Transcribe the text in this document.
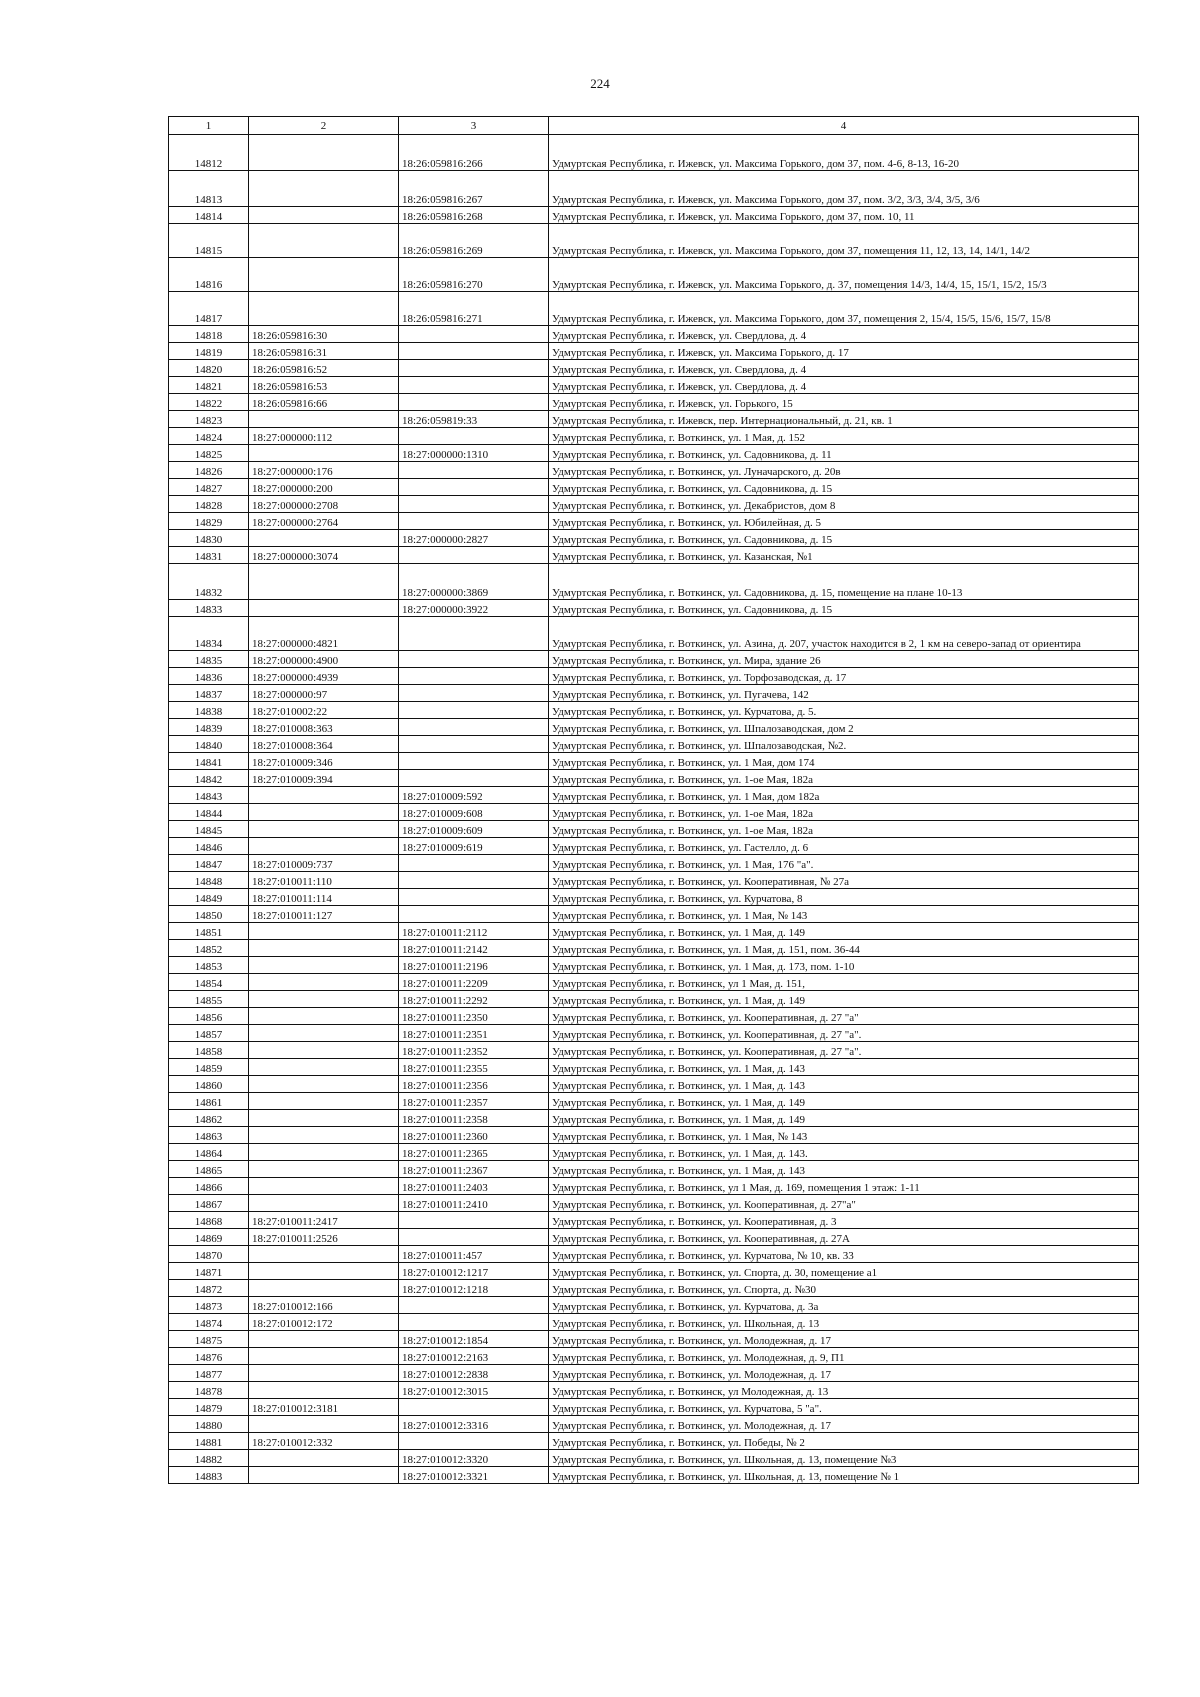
224
1	2	3	4
14812		18:26:059816:266	Удмуртская Республика, г. Ижевск, ул. Максима Горького, дом 37, пом. 4-6, 8-13, 16-20
14813		18:26:059816:267	Удмуртская Республика, г. Ижевск, ул. Максима Горького, дом 37, пом. 3/2, 3/3, 3/4, 3/5, 3/6
14814		18:26:059816:268	Удмуртская Республика, г. Ижевск, ул. Максима Горького, дом 37, пом. 10, 11
14815		18:26:059816:269	Удмуртская Республика, г. Ижевск, ул. Максима Горького, дом 37, помещения 11, 12, 13, 14, 14/1, 14/2
14816		18:26:059816:270	Удмуртская Республика, г. Ижевск, ул. Максима Горького, д. 37, помещения 14/3, 14/4, 15, 15/1, 15/2, 15/3
14817		18:26:059816:271	Удмуртская Республика, г. Ижевск, ул. Максима Горького, дом 37, помещения 2, 15/4, 15/5, 15/6, 15/7, 15/8
14818	18:26:059816:30		Удмуртская Республика, г. Ижевск, ул. Свердлова, д. 4
14819	18:26:059816:31		Удмуртская Республика, г. Ижевск, ул. Максима Горького, д. 17
14820	18:26:059816:52		Удмуртская Республика, г. Ижевск, ул. Свердлова, д. 4
14821	18:26:059816:53		Удмуртская Республика, г. Ижевск, ул. Свердлова, д. 4
14822	18:26:059816:66		Удмуртская Республика, г. Ижевск, ул. Горького, 15
14823		18:26:059819:33	Удмуртская Республика, г. Ижевск, пер. Интернациональный, д. 21, кв. 1
14824	18:27:000000:112		Удмуртская Республика, г. Воткинск, ул. 1 Мая, д. 152
14825		18:27:000000:1310	Удмуртская Республика, г. Воткинск, ул. Садовникова, д. 11
14826	18:27:000000:176		Удмуртская Республика, г. Воткинск, ул. Луначарского, д. 20в
14827	18:27:000000:200		Удмуртская Республика, г. Воткинск, ул. Садовникова, д. 15
14828	18:27:000000:2708		Удмуртская Республика, г. Воткинск, ул. Декабристов, дом 8
14829	18:27:000000:2764		Удмуртская Республика, г. Воткинск, ул. Юбилейная, д. 5
14830		18:27:000000:2827	Удмуртская Республика, г. Воткинск, ул. Садовникова, д. 15
14831	18:27:000000:3074		Удмуртская Республика, г. Воткинск, ул. Казанская, №1
14832		18:27:000000:3869	Удмуртская Республика, г. Воткинск, ул. Садовникова, д. 15, помещение на плане 10-13
14833		18:27:000000:3922	Удмуртская Республика, г. Воткинск, ул. Садовникова, д. 15
14834	18:27:000000:4821		Удмуртская Республика, г. Воткинск, ул. Азина, д. 207, участок находится в 2, 1 км на северо-запад от ориентира
14835	18:27:000000:4900		Удмуртская Республика, г. Воткинск, ул. Мира, здание 26
14836	18:27:000000:4939		Удмуртская Республика, г. Воткинск, ул. Торфозаводская, д. 17
14837	18:27:000000:97		Удмуртская Республика, г. Воткинск, ул. Пугачева, 142
14838	18:27:010002:22		Удмуртская Республика, г. Воткинск, ул. Курчатова, д. 5.
14839	18:27:010008:363		Удмуртская Республика, г. Воткинск, ул. Шпалозаводская, дом 2
14840	18:27:010008:364		Удмуртская Республика, г. Воткинск, ул. Шпалозаводская, №2.
14841	18:27:010009:346		Удмуртская Республика, г. Воткинск, ул. 1 Мая, дом 174
14842	18:27:010009:394		Удмуртская Республика, г. Воткинск, ул. 1-ое Мая, 182а
14843		18:27:010009:592	Удмуртская Республика, г. Воткинск, ул. 1 Мая, дом 182а
14844		18:27:010009:608	Удмуртская Республика, г. Воткинск, ул. 1-ое Мая, 182а
14845		18:27:010009:609	Удмуртская Республика, г. Воткинск, ул. 1-ое Мая, 182а
14846		18:27:010009:619	Удмуртская Республика, г. Воткинск, ул. Гастелло, д. 6
14847	18:27:010009:737		Удмуртская Республика, г. Воткинск, ул. 1 Мая, 176 "а".
14848	18:27:010011:110		Удмуртская Республика, г. Воткинск, ул. Кооперативная, № 27а
14849	18:27:010011:114		Удмуртская Республика, г. Воткинск, ул. Курчатова, 8
14850	18:27:010011:127		Удмуртская Республика, г. Воткинск, ул. 1 Мая, № 143
14851		18:27:010011:2112	Удмуртская Республика, г. Воткинск, ул. 1 Мая, д. 149
14852		18:27:010011:2142	Удмуртская Республика, г. Воткинск, ул. 1 Мая, д. 151, пом. 36-44
14853		18:27:010011:2196	Удмуртская Республика, г. Воткинск, ул. 1 Мая, д. 173, пом. 1-10
14854		18:27:010011:2209	Удмуртская Республика, г. Воткинск, ул 1 Мая, д. 151,
14855		18:27:010011:2292	Удмуртская Республика, г. Воткинск, ул. 1 Мая, д. 149
14856		18:27:010011:2350	Удмуртская Республика, г. Воткинск, ул. Кооперативная, д. 27 "а"
14857		18:27:010011:2351	Удмуртская Республика, г. Воткинск, ул. Кооперативная, д. 27 "а".
14858		18:27:010011:2352	Удмуртская Республика, г. Воткинск, ул. Кооперативная, д. 27 "а".
14859		18:27:010011:2355	Удмуртская Республика, г. Воткинск, ул. 1 Мая, д. 143
14860		18:27:010011:2356	Удмуртская Республика, г. Воткинск, ул. 1 Мая, д. 143
14861		18:27:010011:2357	Удмуртская Республика, г. Воткинск, ул. 1 Мая, д. 149
14862		18:27:010011:2358	Удмуртская Республика, г. Воткинск, ул. 1 Мая, д. 149
14863		18:27:010011:2360	Удмуртская Республика, г. Воткинск, ул. 1 Мая, № 143
14864		18:27:010011:2365	Удмуртская Республика, г. Воткинск, ул. 1 Мая, д. 143.
14865		18:27:010011:2367	Удмуртская Республика, г. Воткинск, ул. 1 Мая, д. 143
14866		18:27:010011:2403	Удмуртская Республика, г. Воткинск, ул 1 Мая, д. 169, помещения 1 этаж: 1-11
14867		18:27:010011:2410	Удмуртская Республика, г. Воткинск, ул. Кооперативная, д. 27"а"
14868	18:27:010011:2417		Удмуртская Республика, г. Воткинск, ул. Кооперативная, д. 3
14869	18:27:010011:2526		Удмуртская Республика, г. Воткинск, ул. Кооперативная, д. 27А
14870		18:27:010011:457	Удмуртская Республика, г. Воткинск, ул. Курчатова, № 10, кв. 33
14871		18:27:010012:1217	Удмуртская Республика, г. Воткинск, ул. Спорта, д. 30, помещение а1
14872		18:27:010012:1218	Удмуртская Республика, г. Воткинск, ул. Спорта, д. №30
14873	18:27:010012:166		Удмуртская Республика, г. Воткинск, ул. Курчатова, д. 3а
14874	18:27:010012:172		Удмуртская Республика, г. Воткинск, ул. Школьная, д. 13
14875		18:27:010012:1854	Удмуртская Республика, г. Воткинск, ул. Молодежная, д. 17
14876		18:27:010012:2163	Удмуртская Республика, г. Воткинск, ул. Молодежная, д. 9, П1
14877		18:27:010012:2838	Удмуртская Республика, г. Воткинск, ул. Молодежная, д. 17
14878		18:27:010012:3015	Удмуртская Республика, г. Воткинск, ул Молодежная, д. 13
14879	18:27:010012:3181		Удмуртская Республика, г. Воткинск, ул. Курчатова, 5 "а".
14880		18:27:010012:3316	Удмуртская Республика, г. Воткинск, ул. Молодежная, д. 17
14881	18:27:010012:332		Удмуртская Республика, г. Воткинск, ул. Победы, № 2
14882		18:27:010012:3320	Удмуртская Республика, г. Воткинск, ул. Школьная, д. 13, помещение №3
14883		18:27:010012:3321	Удмуртская Республика, г. Воткинск, ул. Школьная, д. 13, помещение № 1
